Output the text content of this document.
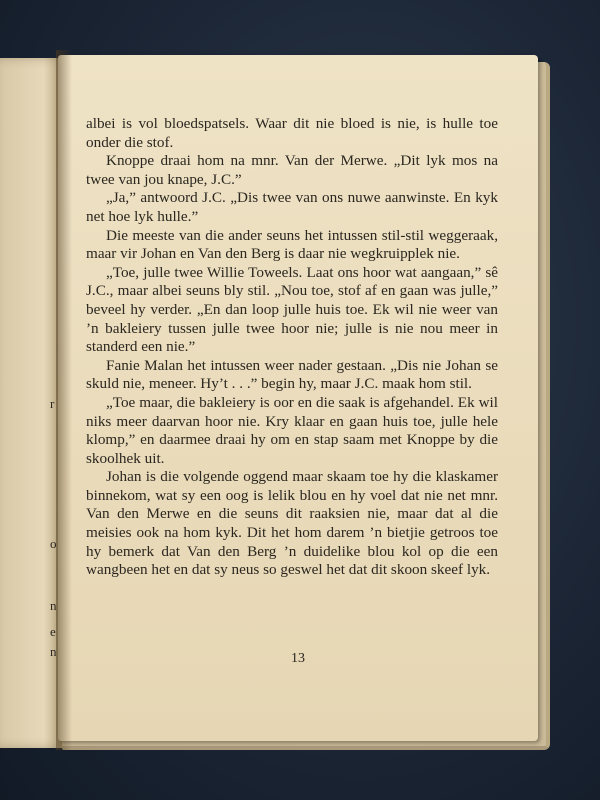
r
o
n
e
n

albei is vol bloedspatsels. Waar dit nie bloed is nie, is hulle toe onder die stof.

Knoppe draai hom na mnr. Van der Merwe. „Dit lyk mos na twee van jou knape, J.C.”

„Ja,” antwoord J.C. „Dis twee van ons nuwe aanwinste. En kyk net hoe lyk hulle.”

Die meeste van die ander seuns het intussen stil-stil weggeraak, maar vir Johan en Van den Berg is daar nie wegkruipplek nie.

„Toe, julle twee Willie Toweels. Laat ons hoor wat aangaan,” sê J.C., maar albei seuns bly stil. „Nou toe, stof af en gaan was julle,” beveel hy verder. „En dan loop julle huis toe. Ek wil nie weer van ’n bakleiery tussen julle twee hoor nie; julle is nie nou meer in standerd een nie.”

Fanie Malan het intussen weer nader gestaan. „Dis nie Johan se skuld nie, meneer. Hy’t . . .” begin hy, maar J.C. maak hom stil.

„Toe maar, die bakleiery is oor en die saak is afgehandel. Ek wil niks meer daarvan hoor nie. Kry klaar en gaan huis toe, julle hele klomp,” en daarmee draai hy om en stap saam met Knoppe by die skoolhek uit.

Johan is die volgende oggend maar skaam toe hy die klaskamer binnekom, wat sy een oog is lelik blou en hy voel dat nie net mnr. Van den Merwe en die seuns dit raaksien nie, maar dat al die meisies ook na hom kyk. Dit het hom darem ’n bietjie getroos toe hy bemerk dat Van den Berg ’n duidelike blou kol op die een wangbeen het en dat sy neus so geswel het dat dit skoon skeef lyk.

13
